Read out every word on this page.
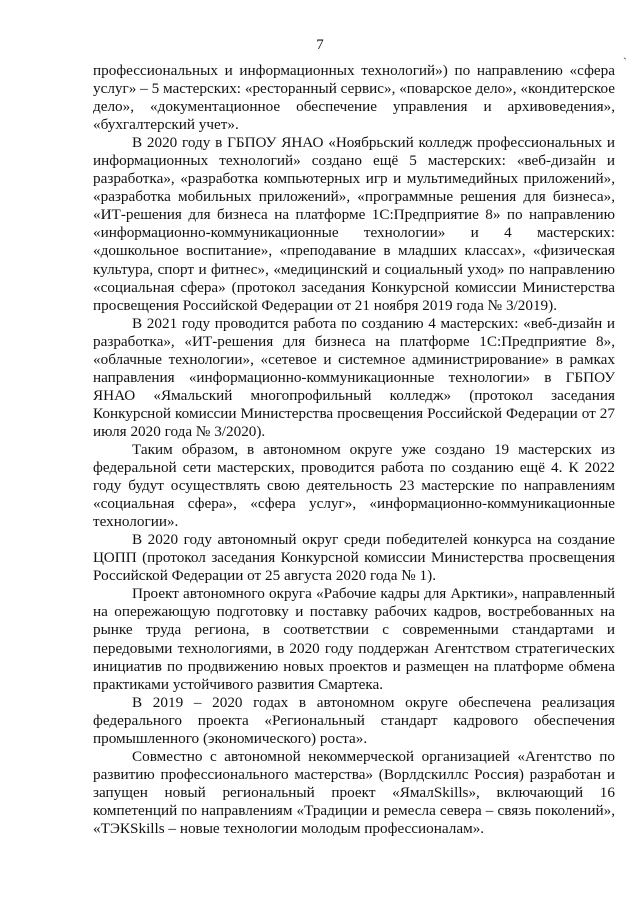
7
`

профессиональных и информационных технологий») по направлению «сфера услуг» – 5 мастерских: «ресторанный сервис», «поварское дело», «кондитерское дело», «документационное обеспечение управления и архивоведения», «бухгалтерский учет».

В 2020 году в ГБПОУ ЯНАО «Ноябрьский колледж профессиональных и информационных технологий» создано ещё 5 мастерских: «веб-дизайн и разработка», «разработка компьютерных игр и мультимедийных приложений», «разработка мобильных приложений», «программные решения для бизнеса», «ИТ-решения для бизнеса на платформе 1С:Предприятие 8» по направлению «информационно-коммуникационные технологии» и 4 мастерских: «дошкольное воспитание», «преподавание в младших классах», «физическая культура, спорт и фитнес», «медицинский и социальный уход» по направлению «социальная сфера» (протокол заседания Конкурсной комиссии Министерства просвещения Российской Федерации от 21 ноября 2019 года № 3/2019).

В 2021 году проводится работа по созданию 4 мастерских: «веб-дизайн и разработка», «ИТ-решения для бизнеса на платформе 1С:Предприятие 8», «облачные технологии», «сетевое и системное администрирование» в рамках направления «информационно-коммуникационные технологии» в ГБПОУ ЯНАО «Ямальский многопрофильный колледж» (протокол заседания Конкурсной комиссии Министерства просвещения Российской Федерации от 27 июля 2020 года № 3/2020).

Таким образом, в автономном округе уже создано 19 мастерских из федеральной сети мастерских, проводится работа по созданию ещё 4. К 2022 году будут осуществлять свою деятельность 23 мастерские по направлениям «социальная сфера», «сфера услуг», «информационно-коммуникационные технологии».

В 2020 году автономный округ среди победителей конкурса на создание ЦОПП (протокол заседания Конкурсной комиссии Министерства просвещения Российской Федерации от 25 августа 2020 года № 1).

Проект автономного округа «Рабочие кадры для Арктики», направленный на опережающую подготовку и поставку рабочих кадров, востребованных на рынке труда региона, в соответствии с современными стандартами и передовыми технологиями, в 2020 году поддержан Агентством стратегических инициатив по продвижению новых проектов и размещен на платформе обмена практиками устойчивого развития Смартека.

В 2019 – 2020 годах в автономном округе обеспечена реализация федерального проекта «Региональный стандарт кадрового обеспечения промышленного (экономического) роста».

Совместно с автономной некоммерческой организацией «Агентство по развитию профессионального мастерства» (Ворлдскиллс Россия) разработан и запущен новый региональный проект «ЯмалSkills», включающий 16 компетенций по направлениям «Традиции и ремесла севера – связь поколений», «ТЭКSkills – новые технологии молодым профессионалам».
